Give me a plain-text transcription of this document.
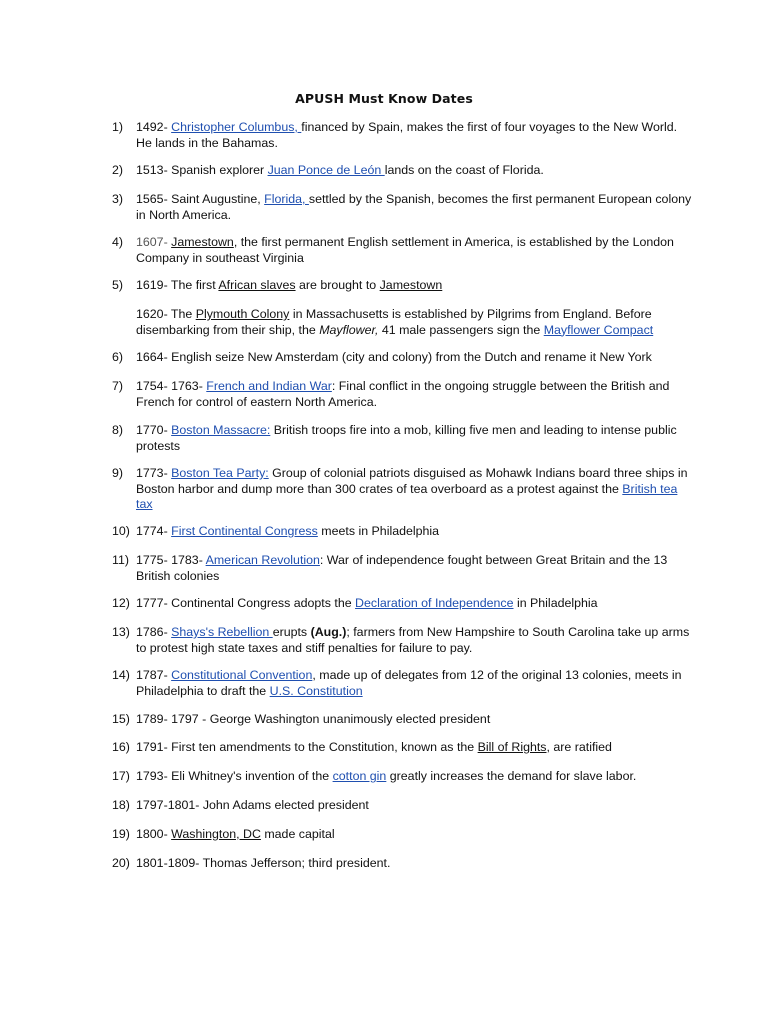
APUSH Must Know Dates
1) 1492- Christopher Columbus, financed by Spain, makes the first of four voyages to the New World. He lands in the Bahamas.
2) 1513- Spanish explorer Juan Ponce de León lands on the coast of Florida.
3) 1565- Saint Augustine, Florida, settled by the Spanish, becomes the first permanent European colony in North America.
4) 1607- Jamestown, the first permanent English settlement in America, is established by the London Company in southeast Virginia
5) 1619- The first African slaves are brought to Jamestown
1620- The Plymouth Colony in Massachusetts is established by Pilgrims from England. Before disembarking from their ship, the Mayflower, 41 male passengers sign the Mayflower Compact
6) 1664- English seize New Amsterdam (city and colony) from the Dutch and rename it New York
7) 1754- 1763- French and Indian War: Final conflict in the ongoing struggle between the British and French for control of eastern North America.
8) 1770- Boston Massacre: British troops fire into a mob, killing five men and leading to intense public protests
9) 1773- Boston Tea Party: Group of colonial patriots disguised as Mohawk Indians board three ships in Boston harbor and dump more than 300 crates of tea overboard as a protest against the British tea tax
10) 1774- First Continental Congress meets in Philadelphia
11) 1775- 1783- American Revolution: War of independence fought between Great Britain and the 13 British colonies
12) 1777- Continental Congress adopts the Declaration of Independence in Philadelphia
13) 1786- Shays's Rebellion erupts (Aug.); farmers from New Hampshire to South Carolina take up arms to protest high state taxes and stiff penalties for failure to pay.
14) 1787- Constitutional Convention, made up of delegates from 12 of the original 13 colonies, meets in Philadelphia to draft the U.S. Constitution
15) 1789- 1797 - George Washington unanimously elected president
16) 1791- First ten amendments to the Constitution, known as the Bill of Rights, are ratified
17) 1793- Eli Whitney's invention of the cotton gin greatly increases the demand for slave labor.
18) 1797-1801- John Adams elected president
19) 1800- Washington, DC made capital
20) 1801-1809- Thomas Jefferson; third president.
